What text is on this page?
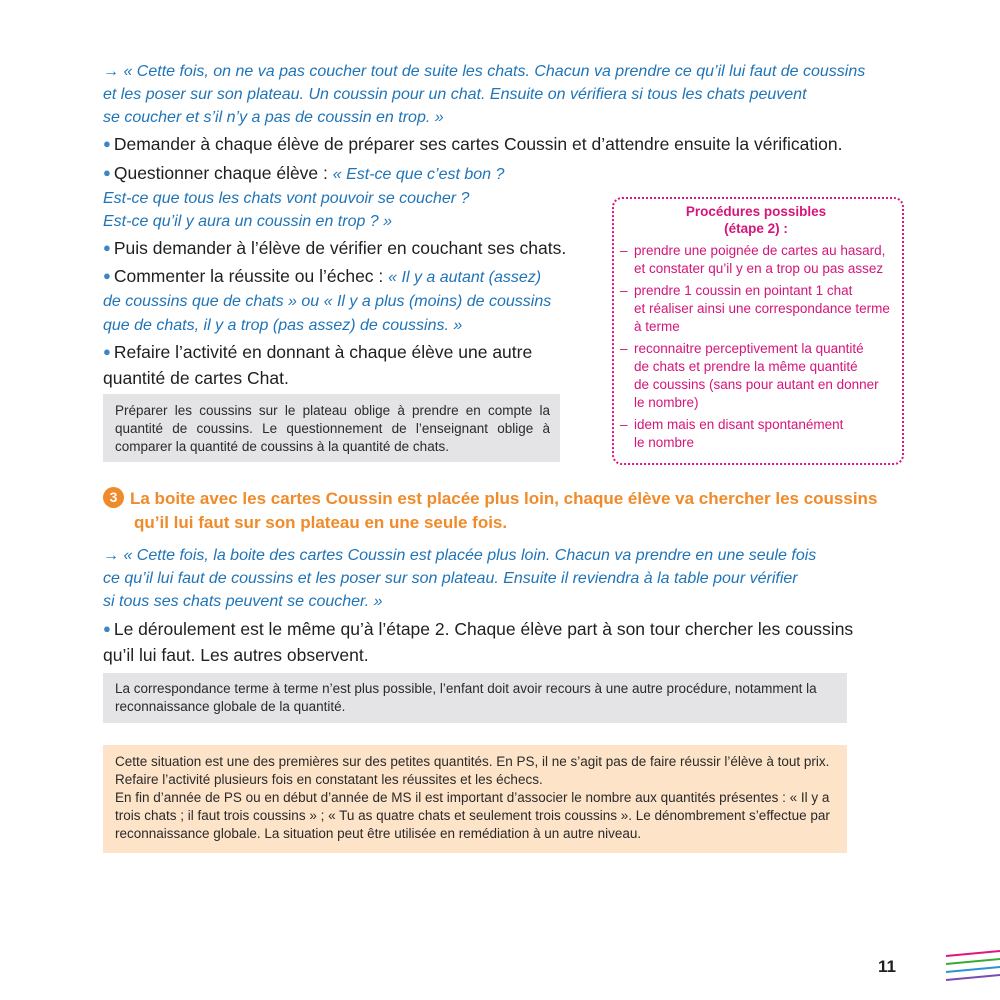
→ « Cette fois, on ne va pas coucher tout de suite les chats. Chacun va prendre ce qu’il lui faut de coussins
et les poser sur son plateau. Un coussin pour un chat. Ensuite on vérifiera si tous les chats peuvent
se coucher et s’il n’y a pas de coussin en trop. »
● Demander à chaque élève de préparer ses cartes Coussin et d’attendre ensuite la vérification.
● Questionner chaque élève : « Est-ce que c’est bon ?
Est-ce que tous les chats vont pouvoir se coucher ?
Est-ce qu’il y aura un coussin en trop ? »
● Puis demander à l’élève de vérifier en couchant ses chats.
● Commenter la réussite ou l’échec : « Il y a autant (assez)
de coussins que de chats » ou « Il y a plus (moins) de coussins
que de chats, il y a trop (pas assez) de coussins. »
● Refaire l’activité en donnant à chaque élève une autre
quantité de cartes Chat.
Préparer les coussins sur le plateau oblige à prendre en compte la quantité de coussins. Le questionnement de l’enseignant oblige à comparer la quantité de coussins à la quantité de chats.
Procédures possibles
(étape 2) :
– prendre une poignée de cartes au hasard,
et constater qu’il y en a trop ou pas assez
– prendre 1 coussin en pointant 1 chat
et réaliser ainsi une correspondance terme
à terme
– reconnaitre perceptivement la quantité
de chats et prendre la même quantité
de coussins (sans pour autant en donner
le nombre)
– idem mais en disant spontanément
le nombre
3 La boite avec les cartes Coussin est placée plus loin, chaque élève va chercher les coussins
qu’il lui faut sur son plateau en une seule fois.
→ « Cette fois, la boite des cartes Coussin est placée plus loin. Chacun va prendre en une seule fois
ce qu’il lui faut de coussins et les poser sur son plateau. Ensuite il reviendra à la table pour vérifier
si tous ses chats peuvent se coucher. »
● Le déroulement est le même qu’à l’étape 2. Chaque élève part à son tour chercher les coussins
qu’il lui faut. Les autres observent.
La correspondance terme à terme n’est plus possible, l’enfant doit avoir recours à une autre procédure, notamment la reconnaissance globale de la quantité.
Cette situation est une des premières sur des petites quantités. En PS, il ne s’agit pas de faire réussir l’élève à tout prix. Refaire l’activité plusieurs fois en constatant les réussites et les échecs.
En fin d’année de PS ou en début d’année de MS il est important d’associer le nombre aux quantités présentes : « Il y a trois chats ; il faut trois coussins » ; « Tu as quatre chats et seulement trois coussins ». Le dénombrement s’effectue par reconnaissance globale. La situation peut être utilisée en remédiation à un autre niveau.
11
